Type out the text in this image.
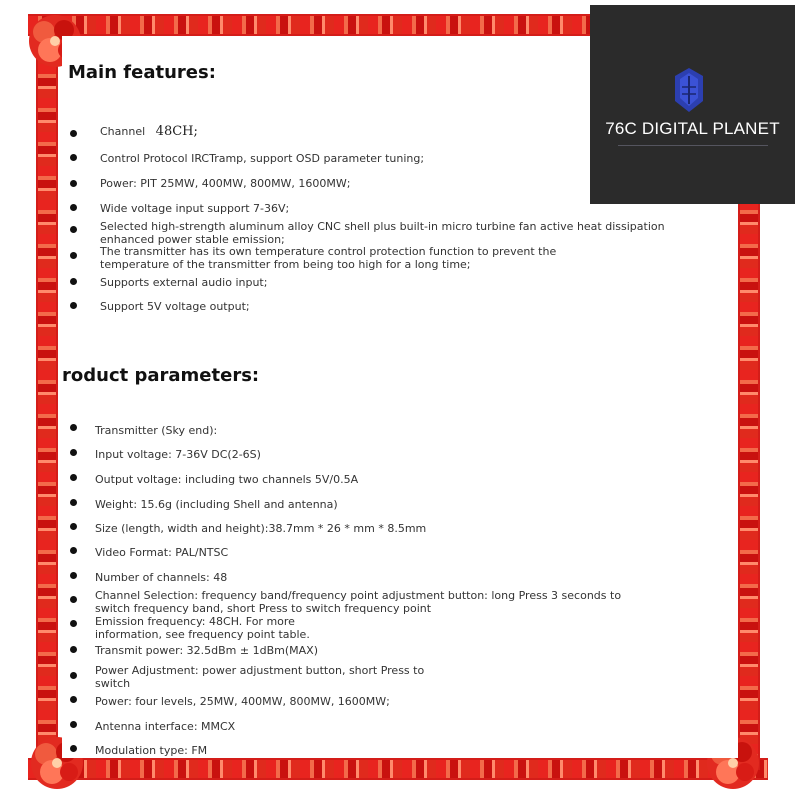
Main features:
Channel 48CH;
Control Protocol IRCTramp, support OSD parameter tuning;
Power: PIT 25MW, 400MW, 800MW, 1600MW;
Wide voltage input support 7-36V;
Selected high-strength aluminum alloy CNC shell plus built-in micro turbine fan active heat dissipation
enhanced power stable emission;
The transmitter has its own temperature control protection function to prevent the
temperature of the transmitter from being too high for a long time;
Supports external audio input;
Support 5V voltage output;
roduct parameters:
Transmitter (Sky end):
Input voltage: 7-36V DC(2-6S)
Output voltage: including two channels 5V/0.5A
Weight: 15.6g (including Shell and antenna)
Size (length, width and height):38.7mm * 26 * mm * 8.5mm
Video Format: PAL/NTSC
Number of channels: 48
Channel Selection: frequency band/frequency point adjustment button: long Press 3 seconds to
switch frequency band, short Press to switch frequency point
Emission frequency: 48CH. For more
information, see frequency point table.
Transmit power: 32.5dBm ± 1dBm(MAX)
Power Adjustment: power adjustment button, short Press to
switch
Power: four levels, 25MW, 400MW, 800MW, 1600MW;
Antenna interface: MMCX
Modulation type: FM
76C DIGITAL PLANET
